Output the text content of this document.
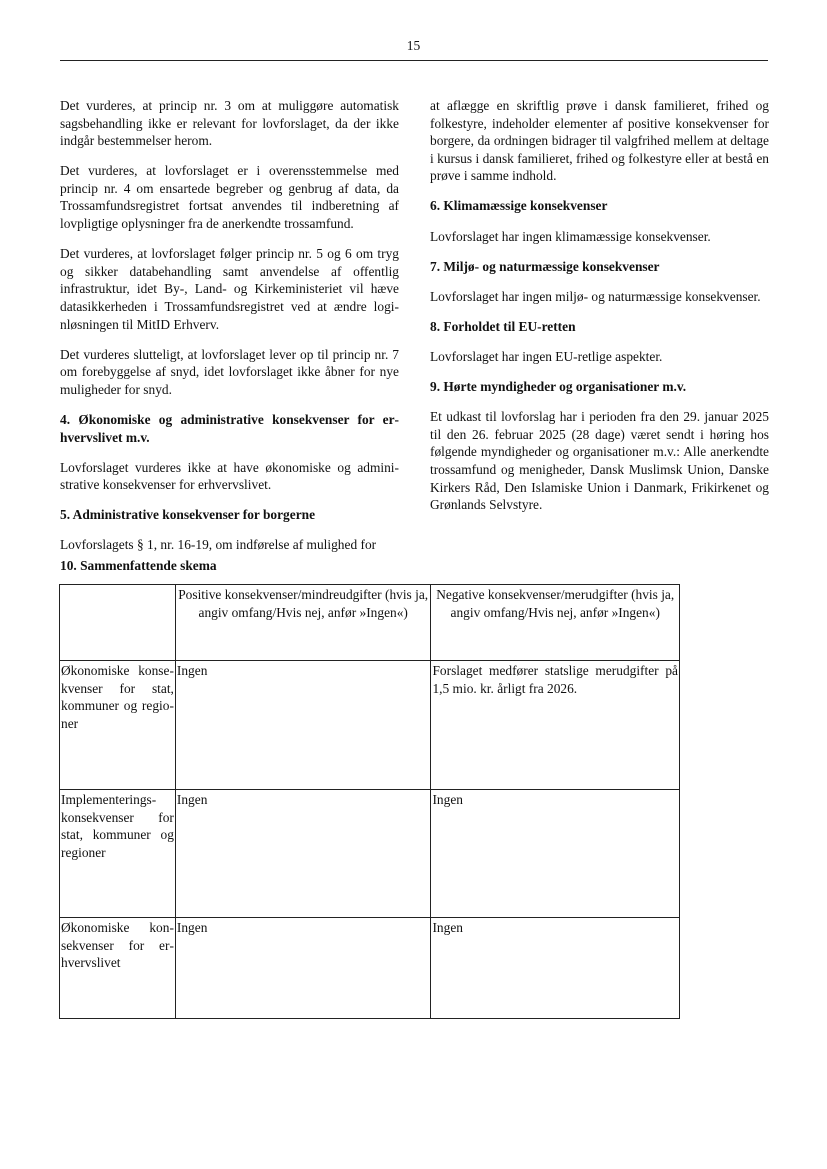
15

Det vurderes, at princip nr. 3 om at muliggøre automatisk sagsbehandling ikke er relevant for lovforslaget, da der ikke indgår bestemmelser herom.

Det vurderes, at lovforslaget er i overensstemmelse med princip nr. 4 om ensartede begreber og genbrug af data, da Trossamfundsregistret fortsat anvendes til indberetning af lovpligtige oplysninger fra de anerkendte trossamfund.

Det vurderes, at lovforslaget følger princip nr. 5 og 6 om tryg og sikker databehandling samt anvendelse af offentlig infrastruktur, idet By-, Land- og Kirkeministeriet vil hæve datasikkerheden i Trossamfundsregistret ved at ændre loginløsningen til MitID Erhverv.

Det vurderes slutteligt, at lovforslaget lever op til princip nr. 7 om forebyggelse af snyd, idet lovforslaget ikke åbner for nye muligheder for snyd.

4. Økonomiske og administrative konsekvenser for erhvervslivet m.v.

Lovforslaget vurderes ikke at have økonomiske og administrative konsekvenser for erhvervslivet.

5. Administrative konsekvenser for borgerne

Lovforslagets § 1, nr. 16-19, om indførelse af mulighed for

at aflægge en skriftlig prøve i dansk familieret, frihed og folkestyre, indeholder elementer af positive konsekvenser for borgere, da ordningen bidrager til valgfrihed mellem at deltage i kursus i dansk familieret, frihed og folkestyre eller at bestå en prøve i samme indhold.

6. Klimamæssige konsekvenser

Lovforslaget har ingen klimamæssige konsekvenser.

7. Miljø- og naturmæssige konsekvenser

Lovforslaget har ingen miljø- og naturmæssige konsekvenser.

8. Forholdet til EU-retten

Lovforslaget har ingen EU-retlige aspekter.

9. Hørte myndigheder og organisationer m.v.

Et udkast til lovforslag har i perioden fra den 29. januar 2025 til den 26. februar 2025 (28 dage) været sendt i høring hos følgende myndigheder og organisationer m.v.: Alle anerkendte trossamfund og menigheder, Dansk Muslimsk Union, Danske Kirkers Råd, Den Islamiske Union i Danmark, Frikirkenet og Grønlands Selvstyre.

10. Sammenfattende skema
	Positive konsekvenser/mindreudgifter (hvis ja, angiv omfang/Hvis nej, anfør »Ingen«)	Negative konsekvenser/merudgifter (hvis ja, angiv omfang/Hvis nej, anfør »Ingen«)
Økonomiske konsekvenser for stat, kommuner og regioner	Ingen	Forslaget medfører statslige merudgifter på 1,5 mio. kr. årligt fra 2026.
Implementeringskonsekvenser for stat, kommuner og regioner	Ingen	Ingen
Økonomiske konsekvenser for erhvervslivet	Ingen	Ingen
